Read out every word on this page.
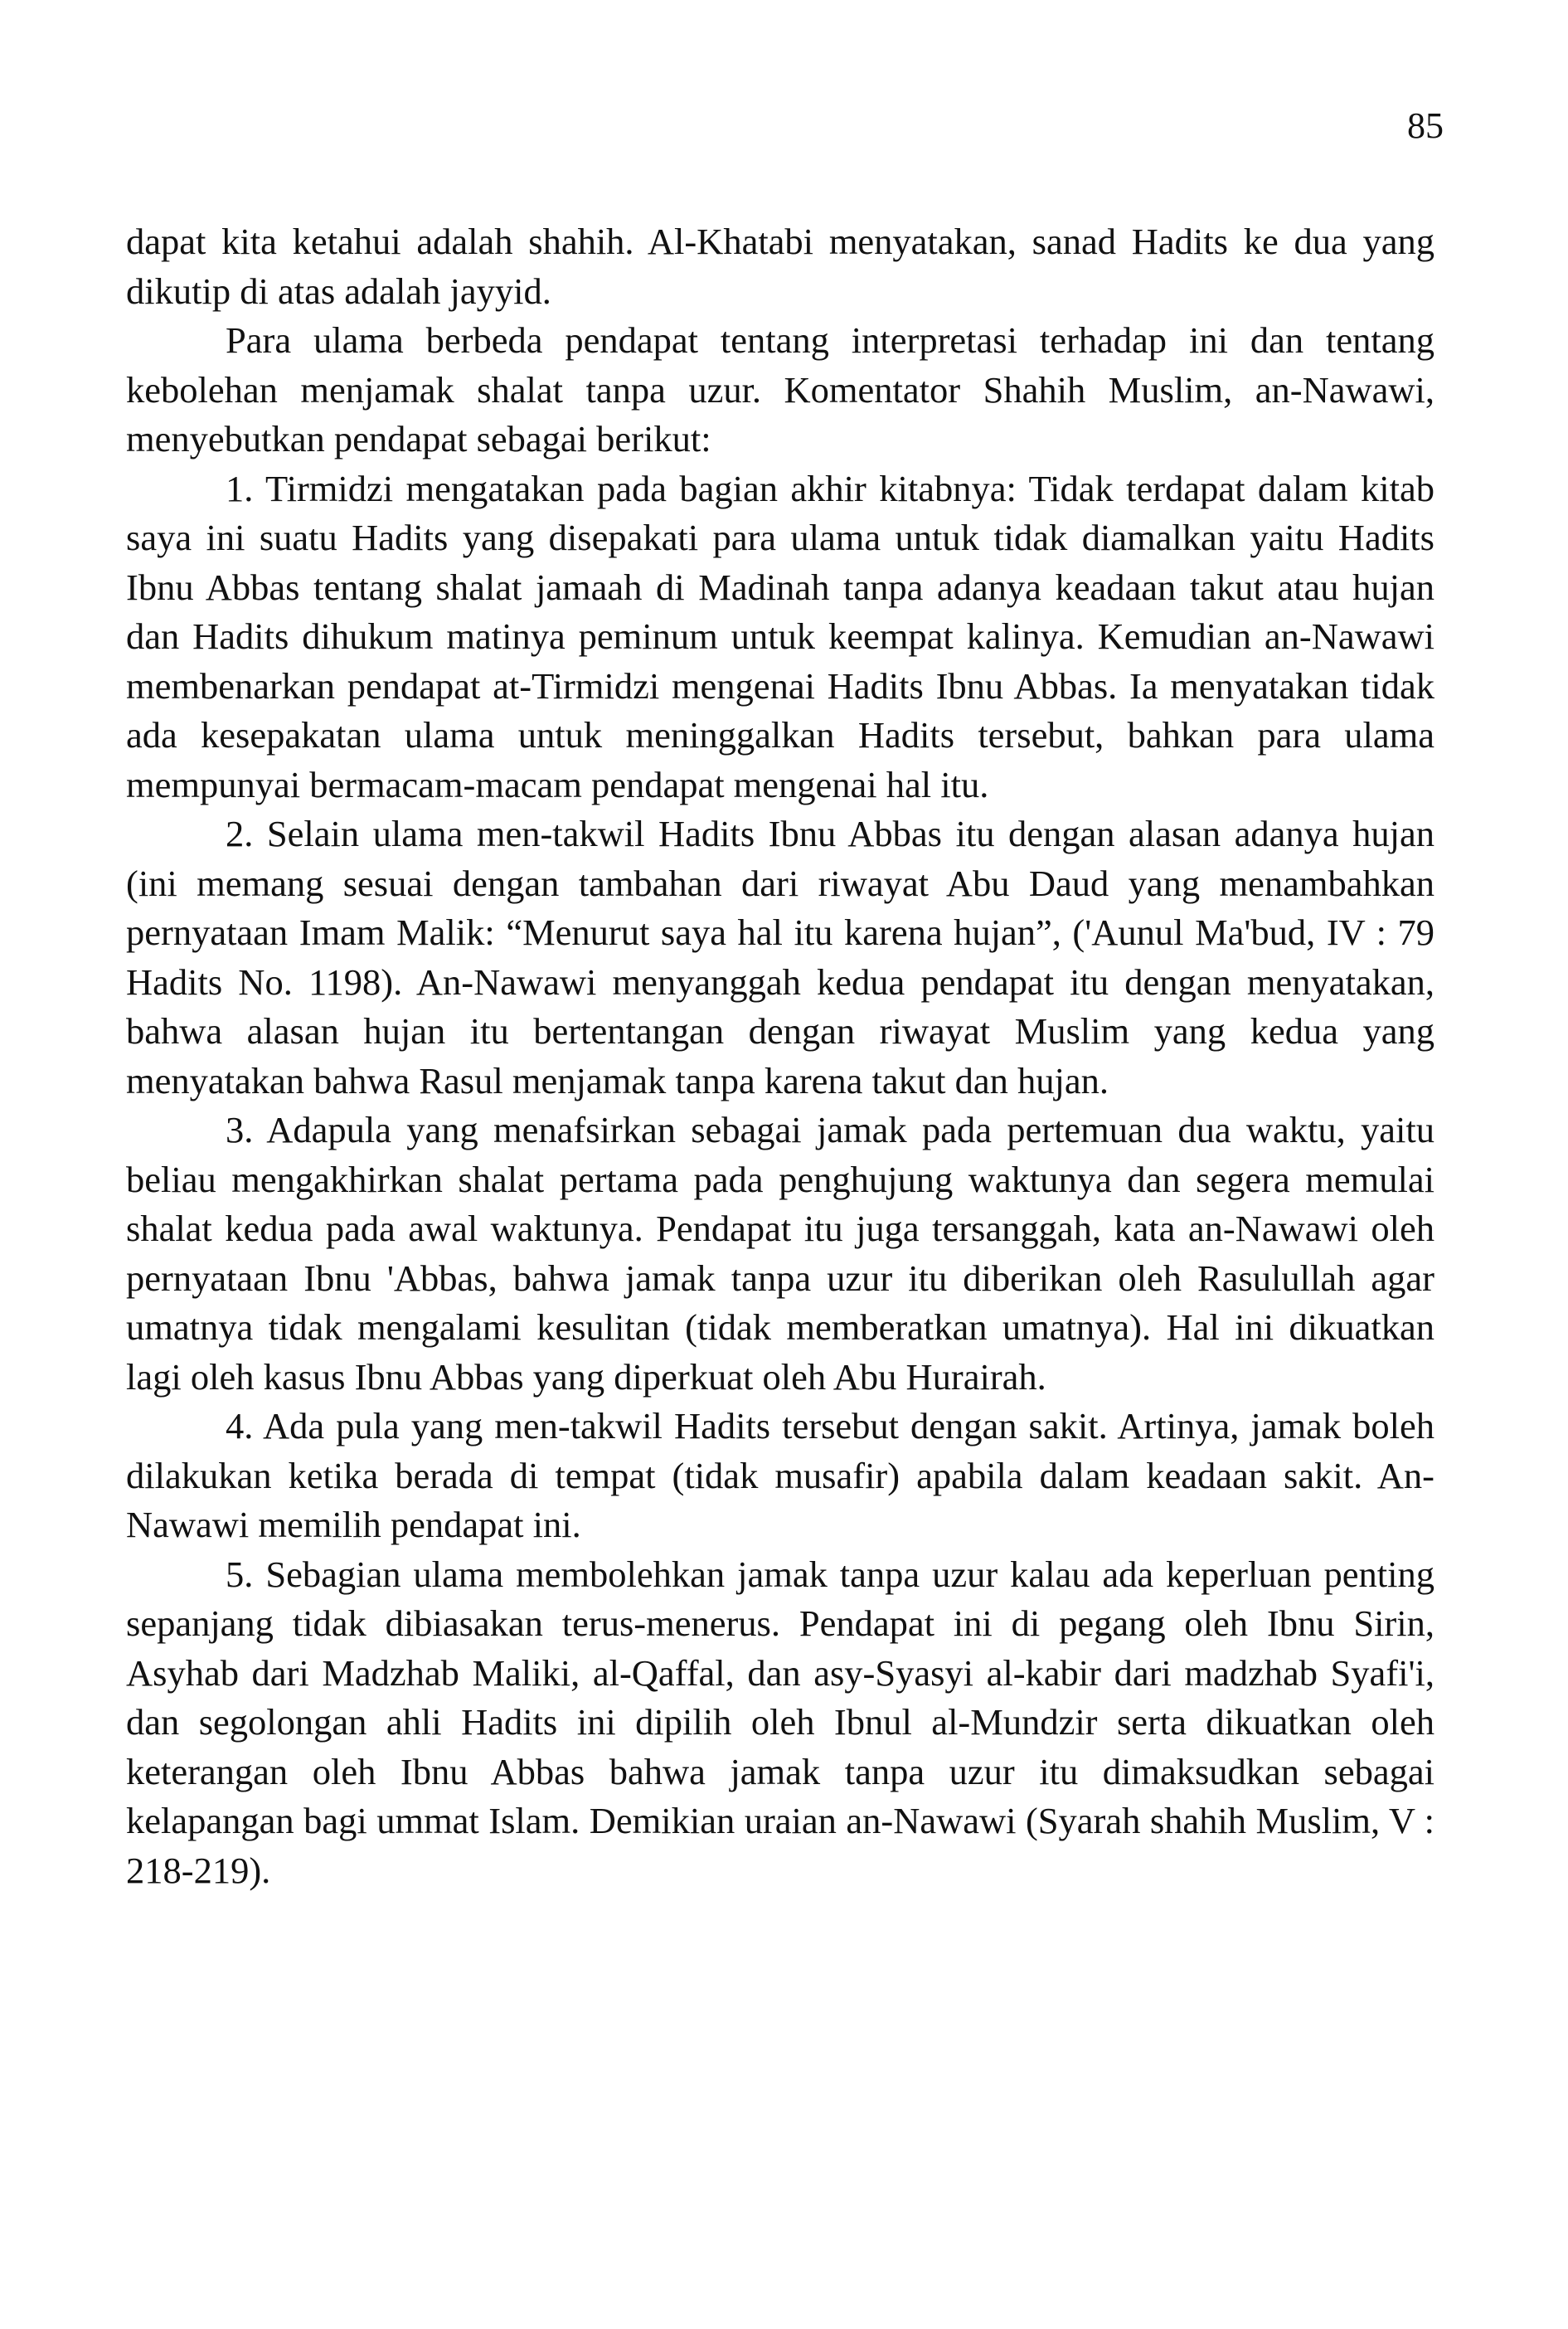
85

dapat kita ketahui adalah shahih. Al-Khatabi menyatakan, sanad Hadits ke dua yang dikutip di atas adalah jayyid.

Para ulama berbeda pendapat tentang interpretasi terhadap ini dan tentang kebolehan menjamak shalat tanpa uzur. Komentator Shahih Muslim, an-Nawawi, menyebutkan pendapat sebagai berikut:

1. Tirmidzi mengatakan pada bagian akhir kitabnya: Tidak terdapat dalam kitab saya ini suatu Hadits yang disepakati para ulama untuk tidak diamalkan yaitu Hadits Ibnu Abbas tentang shalat jamaah di Madinah tanpa adanya keadaan takut atau hujan dan Hadits dihukum matinya peminum untuk keempat kalinya. Kemudian an-Nawawi membenarkan pendapat at-Tirmidzi mengenai Hadits Ibnu Abbas. Ia menyatakan tidak ada kesepakatan ulama untuk meninggalkan Hadits tersebut, bahkan para ulama mempunyai bermacam-macam pendapat mengenai hal itu.

2. Selain ulama men-takwil Hadits Ibnu Abbas itu dengan alasan adanya hujan (ini memang sesuai dengan tambahan dari riwayat Abu Daud yang menambahkan pernyataan Imam Malik: “Menurut saya hal itu karena hujan”, ('Aunul Ma'bud, IV : 79 Hadits No. 1198). An-Nawawi menyanggah kedua pendapat itu dengan menyatakan, bahwa alasan hujan itu bertentangan dengan riwayat Muslim yang kedua yang menyatakan bahwa Rasul menjamak tanpa karena takut dan hujan.

3. Adapula yang menafsirkan sebagai jamak pada pertemuan dua waktu, yaitu beliau mengakhirkan shalat pertama pada penghujung waktunya dan segera memulai shalat kedua pada awal waktunya. Pendapat itu juga tersanggah, kata an-Nawawi oleh pernyataan Ibnu 'Abbas, bahwa jamak tanpa uzur itu diberikan oleh Rasulullah agar umatnya tidak mengalami kesulitan (tidak memberatkan umatnya). Hal ini dikuatkan lagi oleh kasus Ibnu Abbas yang diperkuat oleh Abu Hurairah.

4. Ada pula yang men-takwil Hadits tersebut dengan sakit. Artinya, jamak boleh dilakukan ketika berada di tempat (tidak musafir) apabila dalam keadaan sakit. An-Nawawi memilih pendapat ini.

5. Sebagian ulama membolehkan jamak tanpa uzur kalau ada keperluan penting sepanjang tidak dibiasakan terus-menerus. Pendapat ini di pegang oleh Ibnu Sirin, Asyhab dari Madzhab Maliki, al-Qaffal, dan asy-Syasyi al-kabir dari madzhab Syafi'i, dan segolongan ahli Hadits ini dipilih oleh Ibnul al-Mundzir serta dikuatkan oleh keterangan oleh Ibnu Abbas bahwa jamak tanpa uzur itu dimaksudkan sebagai kelapangan bagi ummat Islam. Demikian uraian an-Nawawi (Syarah shahih Muslim, V : 218-219).
